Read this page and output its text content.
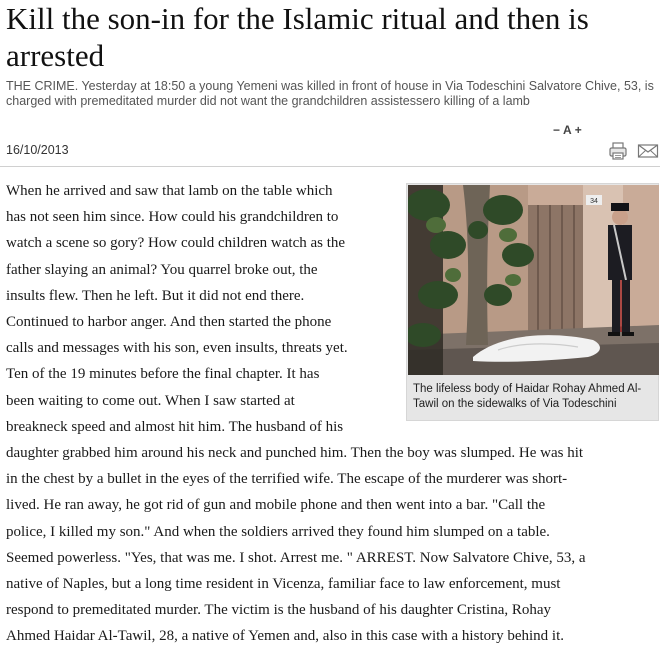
Kill the son-in for the Islamic ritual and then is arrested
THE CRIME. Yesterday at 18:50 a young Yemeni was killed in front of house in Via Todeschini Salvatore Chive, 53, is charged with premeditated murder did not want the grandchildren assistessero killing of a lamb
− A +
16/10/2013
34
The lifeless body of Haidar Rohay Ahmed Al-Tawil on the sidewalks of Via Todeschini
When he arrived and saw that lamb on the table which
has not seen him since. How could his grandchildren to
watch a scene so gory? How could children watch as the
father slaying an animal? You quarrel broke out, the
insults flew. Then he left. But it did not end there.
Continued to harbor anger. And then started the phone
calls and messages with his son, even insults, threats yet.
Ten of the 19 minutes before the final chapter. It has
been waiting to come out. When I saw started at
breakneck speed and almost hit him. The husband of his
daughter grabbed him around his neck and punched him. Then the boy was slumped. He was hit
in the chest by a bullet in the eyes of the terrified wife. The escape of the murderer was short-
lived. He ran away, he got rid of gun and mobile phone and then went into a bar. "Call the
police, I killed my son." And when the soldiers arrived they found him slumped on a table.
Seemed powerless. "Yes, that was me. I shot. Arrest me. " ARREST. Now Salvatore Chive, 53, a
native of Naples, but a long time resident in Vicenza, familiar face to law enforcement, must
respond to premeditated murder. The victim is the husband of his daughter Cristina, Rohay
Ahmed Haidar Al-Tawil, 28, a native of Yemen and, also in this case with a history behind it.
